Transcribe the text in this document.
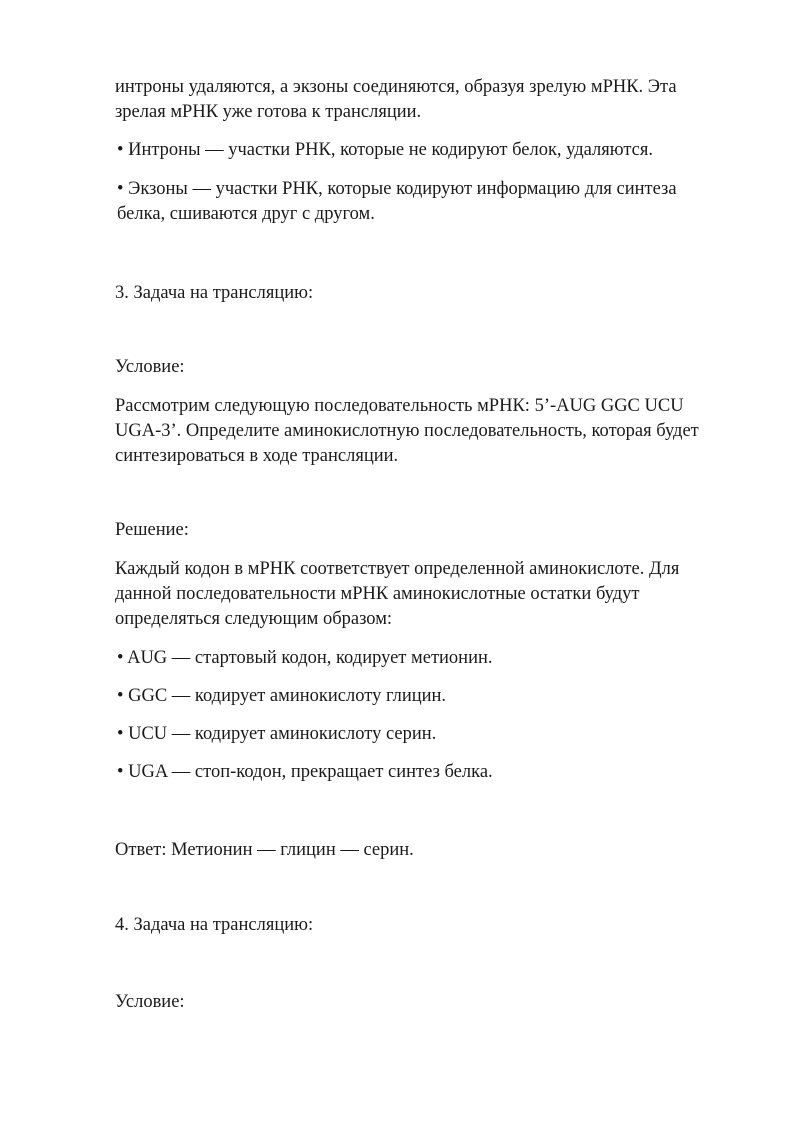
интроны удаляются, а экзоны соединяются, образуя зрелую мРНК. Эта
зрелая мРНК уже готова к трансляции.

• Интроны — участки РНК, которые не кодируют белок, удаляются.

• Экзоны — участки РНК, которые кодируют информацию для синтеза
белка, сшиваются друг с другом.

3. Задача на трансляцию:

Условие:

Рассмотрим следующую последовательность мРНК: 5’-AUG GGC UCU
UGA-3’. Определите аминокислотную последовательность, которая будет
синтезироваться в ходе трансляции.

Решение:

Каждый кодон в мРНК соответствует определенной аминокислоте. Для
данной последовательности мРНК аминокислотные остатки будут
определяться следующим образом:

• AUG — стартовый кодон, кодирует метионин.

• GGC — кодирует аминокислоту глицин.

• UCU — кодирует аминокислоту серин.

• UGA — стоп-кодон, прекращает синтез белка.

Ответ: Метионин — глицин — серин.

4. Задача на трансляцию:

Условие:
